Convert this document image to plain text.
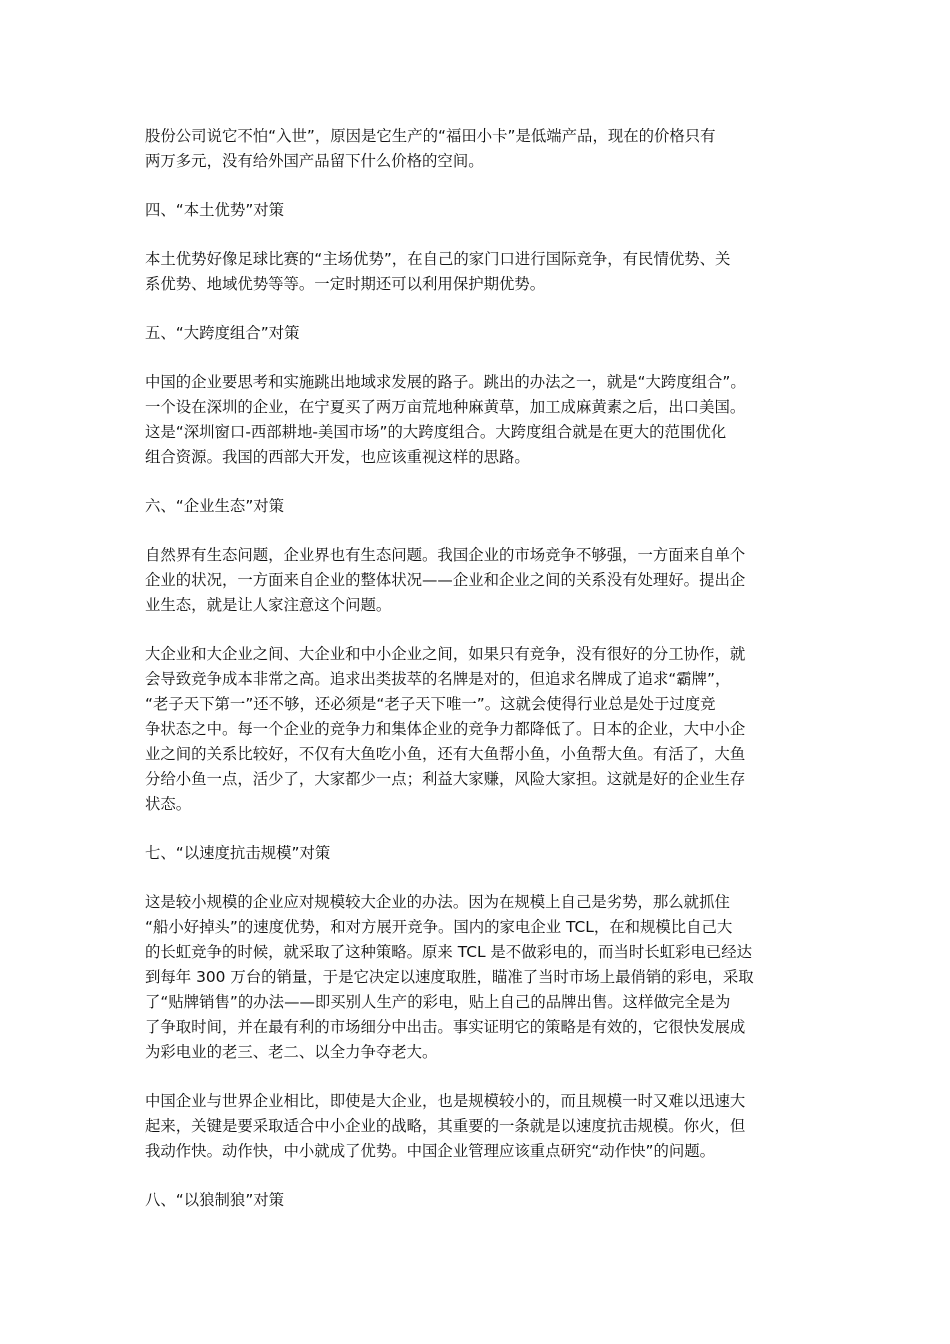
股份公司说它不怕“入世”，原因是它生产的“福田小卡”是低端产品，现在的价格只有
两万多元，没有给外国产品留下什么价格的空间。
四、“本土优势”对策
本土优势好像足球比赛的“主场优势”，在自己的家门口进行国际竞争，有民情优势、关
系优势、地域优势等等。一定时期还可以利用保护期优势。
五、“大跨度组合”对策
中国的企业要思考和实施跳出地域求发展的路子。跳出的办法之一，就是“大跨度组合”。
一个设在深圳的企业，在宁夏买了两万亩荒地种麻黄草，加工成麻黄素之后，出口美国。
这是“深圳窗口-西部耕地-美国市场”的大跨度组合。大跨度组合就是在更大的范围优化
组合资源。我国的西部大开发，也应该重视这样的思路。
六、“企业生态”对策
自然界有生态问题，企业界也有生态问题。我国企业的市场竞争不够强，一方面来自单个
企业的状况，一方面来自企业的整体状况——企业和企业之间的关系没有处理好。提出企
业生态，就是让人家注意这个问题。
大企业和大企业之间、大企业和中小企业之间，如果只有竞争，没有很好的分工协作，就
会导致竞争成本非常之高。追求出类拔萃的名牌是对的，但追求名牌成了追求“霸牌”，
“老子天下第一”还不够，还必须是“老子天下唯一”。这就会使得行业总是处于过度竞
争状态之中。每一个企业的竞争力和集体企业的竞争力都降低了。日本的企业，大中小企
业之间的关系比较好，不仅有大鱼吃小鱼，还有大鱼帮小鱼，小鱼帮大鱼。有活了，大鱼
分给小鱼一点，活少了，大家都少一点；利益大家赚，风险大家担。这就是好的企业生存
状态。
七、“以速度抗击规模”对策
这是较小规模的企业应对规模较大企业的办法。因为在规模上自己是劣势，那么就抓住
“船小好掉头”的速度优势，和对方展开竞争。国内的家电企业 TCL，在和规模比自己大
的长虹竞争的时候，就采取了这种策略。原来 TCL 是不做彩电的，而当时长虹彩电已经达
到每年 300 万台的销量，于是它决定以速度取胜，瞄准了当时市场上最俏销的彩电，采取
了“贴牌销售”的办法——即买别人生产的彩电，贴上自己的品牌出售。这样做完全是为
了争取时间，并在最有利的市场细分中出击。事实证明它的策略是有效的，它很快发展成
为彩电业的老三、老二、以全力争夺老大。
中国企业与世界企业相比，即使是大企业，也是规模较小的，而且规模一时又难以迅速大
起来，关键是要采取适合中小企业的战略，其重要的一条就是以速度抗击规模。你火，但
我动作快。动作快，中小就成了优势。中国企业管理应该重点研究“动作快”的问题。
八、“以狼制狼”对策
